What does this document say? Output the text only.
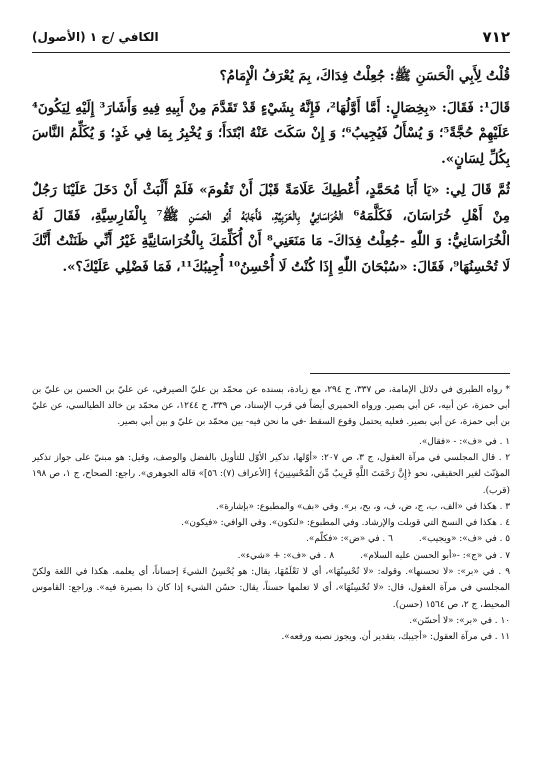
٧١٢
الكافي /ج ١ (الأصول)

قُلْتُ لِأَبِي الْحَسَنِ ﷺ: جُعِلْتُ فِدَاكَ، بِمَ يُعْرَفُ الْإِمَامُ؟

قَالَ¹: فَقَالَ: «بِخِصَالٍ: أَمَّا أَوَّلُهَا²، فَإِنَّهُ بِشَيْءٍ قَدْ تَقَدَّمَ مِنْ أَبِيهِ فِيهِ وَأَشَارَ³ إِلَيْهِ لِيَكُونَ⁴ عَلَيْهِمْ حُجَّةً⁵؛ وَ يُسْأَلُ فَيُجِيبُ⁶؛ وَ إِنْ سَكَتَ عَنْهُ ابْتَدَأَ؛ وَ يُخْبِرُ بِمَا فِي غَدٍ؛ وَ يُكَلِّمُ النَّاسَ بِكُلِّ لِسَانٍ».

ثُمَّ قَالَ لِي: «يَا أَبَا مُحَمَّدٍ، أُعْطِيكَ عَلَامَةً قَبْلَ أَنْ تَقُومَ» فَلَمْ أَلْبَثْ أَنْ دَخَلَ عَلَيْنَا رَجُلٌ مِنْ أَهْلِ خُرَاسَانَ، فَكَلَّمَهُ⁶ الْخُرَاسَانِيُّ بِالْعَرَبِيَّةِ، فَأَجَابَهُ أَبُو الْحَسَنِ ﷺ⁷ بِالْفَارِسِيَّةِ، فَقَالَ لَهُ الْخُرَاسَانِيُّ: وَ اللّٰهِ -جُعِلْتُ فِدَاكَ- مَا مَنَعَنِي⁸ أَنْ أُكَلِّمَكَ بِالْخُرَاسَانِيَّةِ غَيْرُ أَنِّي ظَنَنْتُ أَنَّكَ لَا تُحْسِنُهَا⁹، فَقَالَ: «سُبْحَانَ اللّٰهِ إِذَا كُنْتُ لَا أُحْسِنُ¹⁰ أُجِيبُكَ¹¹، فَمَا فَضْلِي عَلَيْكَ؟».

* رواه الطبري في دلائل الإمامة، ص ٣٣٧، ح ٢٩٤، مع زيادة، بسنده عن محمّد بن عليّ الصيرفي، عن عليّ بن الحسن بن عليّ بن أبي حمزة، عن أبيه، عن أبي بصير. ورواه الحميري أيضاً في قرب الإسناد، ص ٣٣٩، ح ١٢٤٤، عن محمّد بن خالد الطيالسي، عن عليّ بن أبي حمزة، عن أبي بصير. فعليه يحتمل وقوع السقط -في ما نحن فيه- بين محمّد بن عليّ و بين أبي بصير.

١ . في «ف»: - «فقال».

٢ . قال المجلسي في مرآة العقول، ج ٣، ص ٢٠٧: «أوّلها، تذكير الأوّل للتأويل بالفضل والوصف، وقيل: هو مبنيّ على جواز تذكير المؤنّث لغير الحقيقي، نحو ﴿إِنَّ رَحْمَتَ اللَّهِ قَرِيبٌ مِّنَ الْمُحْسِنِينَ﴾ [الأعراف (٧): ٥٦]» قاله الجوهري». راجع: الصحاح، ج ١، ص ١٩٨ (قرب).

٣ . هكذا في «الف، ب، ج، ض، ف، و، بح، بر». وفي «بف» والمطبوع: «بإشارة».

٤ . هكذا في النسخ التي قوبلت والإرشاد. وفي المطبوع: «لتكون». وفي الوافي: «فيكون».

٥ . في «ف»: «ويجيب».

٦ . في «ض»: «فكلّم».

٧ . في «ج»: -«أبو الحسن عليه السلام».

٨ . في «ف»: + «شيء».

٩ . في «بر»: «لا تحسنها». وقوله: «لا تُحْسِنُهَا»، أي لا تَعْلَمُهَا، يقال: هو يُحْسِنُ الشيءَ إحساناً، أي يعلمه. هكذا في اللغة ولكنّ المجلسي في مرآة العقول، قال: «لا تُحْسِنُهَا»، أي لا تعلمها حسناً، يقال: حسُن الشيء إذا كان ذا بصيرة فيه». وراجع: القاموس المحيط، ج ٢، ص ١٥٦٤ (حسن).

١٠ . في «بر»: «لا أحسّن».

١١ . في مرآة العقول: «أجيبك، بتقدير أن. ويجوز نصبه ورفعه».
